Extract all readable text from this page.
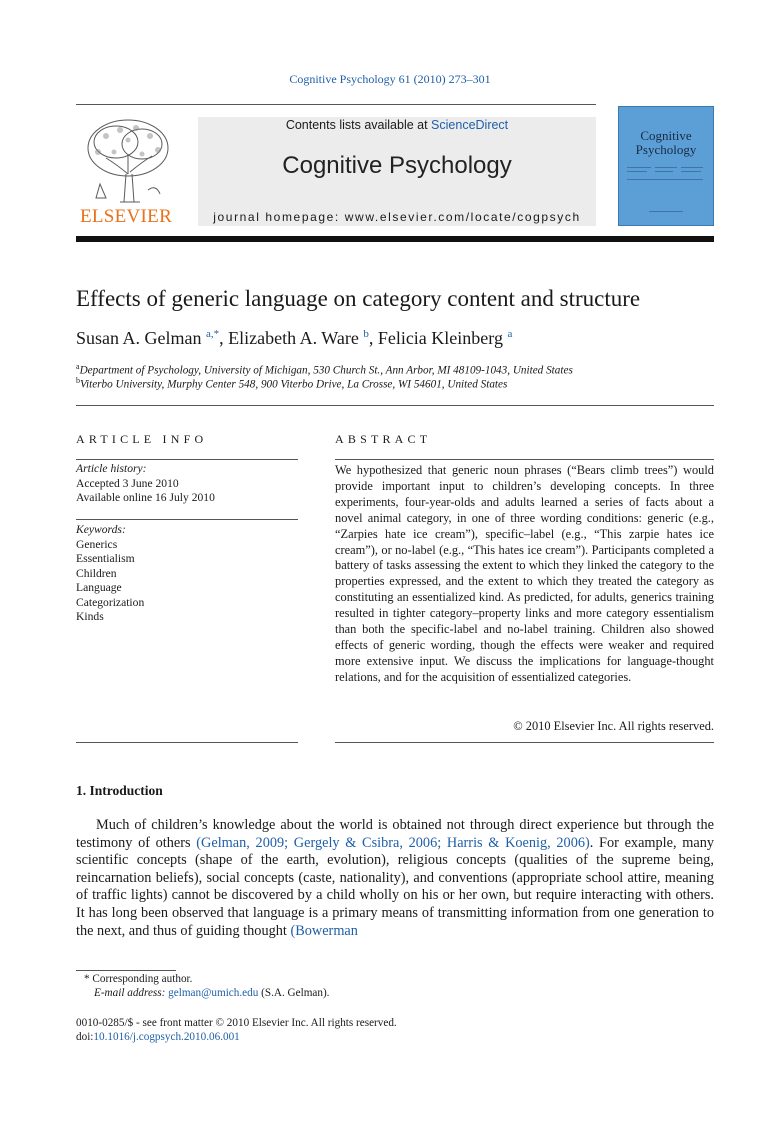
Cognitive Psychology 61 (2010) 273–301
ELSEVIER
Contents lists available at ScienceDirect
Cognitive Psychology
journal homepage: www.elsevier.com/locate/cogpsych
Cognitive
Psychology
Effects of generic language on category content and structure
Susan A. Gelman $^{a,*}$, Elizabeth A. Ware $^b$, Felicia Kleinberg $^a$
$^a$Department of Psychology, University of Michigan, 530 Church St., Ann Arbor, MI 48109-1043, United States
$^b$Viterbo University, Murphy Center 548, 900 Viterbo Drive, La Crosse, WI 54601, United States
ARTICLE INFO
Article history:
Accepted 3 June 2010
Available online 16 July 2010
Keywords:
Generics
Essentialism
Children
Language
Categorization
Kinds
ABSTRACT
We hypothesized that generic noun phrases (“Bears climb trees”) would provide important input to children’s developing concepts. In three experiments, four-year-olds and adults learned a series of facts about a novel animal category, in one of three wording conditions: generic (e.g., “Zarpies hate ice cream”), specific–label (e.g., “This zarpie hates ice cream”), or no-label (e.g., “This hates ice cream”). Participants completed a battery of tasks assessing the extent to which they linked the category to the properties expressed, and the extent to which they treated the category as constituting an essentialized kind. As predicted, for adults, generics training resulted in tighter category–property links and more category essentialism than both the specific-label and no-label training. Children also showed effects of generic wording, though the effects were weaker and required more extensive input. We discuss the implications for language-thought relations, and for the acquisition of essentialized categories.
© 2010 Elsevier Inc. All rights reserved.
1. Introduction
Much of children’s knowledge about the world is obtained not through direct experience but through the testimony of others (Gelman, 2009; Gergely & Csibra, 2006; Harris & Koenig, 2006). For example, many scientific concepts (shape of the earth, evolution), religious concepts (qualities of the supreme being, reincarnation beliefs), social concepts (caste, nationality), and conventions (appropriate school attire, meaning of traffic lights) cannot be discovered by a child wholly on his or her own, but require interacting with others. It has long been observed that language is a primary means of transmitting information from one generation to the next, and thus of guiding thought (Bowerman
* Corresponding author.
E-mail address: gelman@umich.edu (S.A. Gelman).
0010-0285/$ - see front matter © 2010 Elsevier Inc. All rights reserved.
doi:10.1016/j.cogpsych.2010.06.001
